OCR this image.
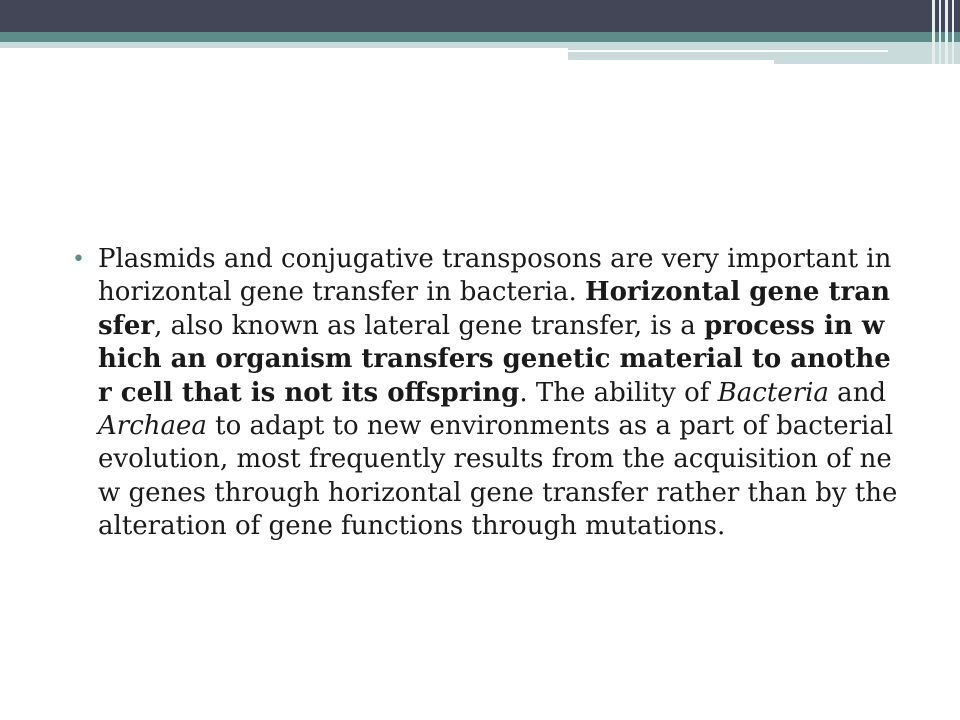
• Plasmids and conjugative transposons are very important in horizontal gene transfer in bacteria. Horizontal gene transfer, also known as lateral gene transfer, is a process in which an organism transfers genetic material to another cell that is not its offspring. The ability of Bacteria and Archaea to adapt to new environments as a part of bacterial evolution, most frequently results from the acquisition of new genes through horizontal gene transfer rather than by the alteration of gene functions through mutations.
